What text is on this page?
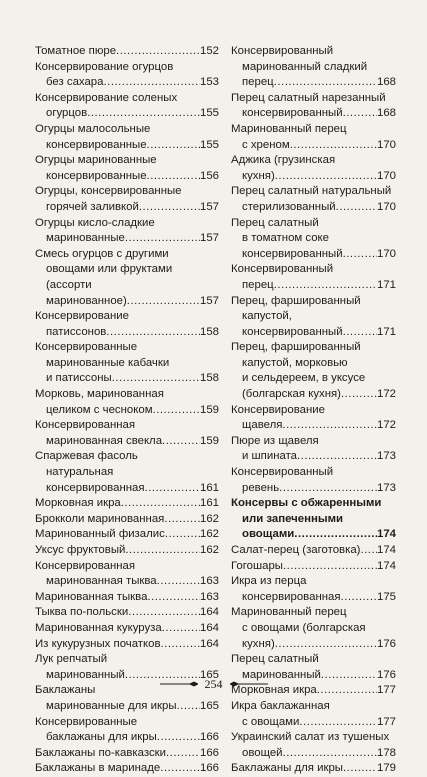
Томатное пюре .....	152
Консервирование огурцов
без сахара .....	153
Консервирование соленых
огурцов .....	155
Огурцы малосольные
консервированные .....	155
Огурцы маринованные
консервированные .....	156
Огурцы, консервированные
горячей заливкой .....	157
Огурцы кисло-сладкие
маринованные .....	157
Смесь огурцов с другими
овощами или фруктами
(ассорти
маринованное) .....	157
Консервирование
патиссонов .....	158
Консервированные
маринованные кабачки
и патиссоны .....	158
Морковь, маринованная
целиком с чесноком .....	159
Консервированная
маринованная свекла .....	159
Спаржевая фасоль
натуральная
консервированная .....	161
Морковная икра .....	161
Брокколи маринованная .....	162
Маринованный физалис .....	162
Уксус фруктовый .....	162
Консервированная
маринованная тыква .....	163
Маринованная тыква .....	163
Тыква по-польски .....	164
Маринованная кукуруза .....	164
Из кукурузных початков .....	164
Лук репчатый
маринованный .....	165
Баклажаны
маринованные для икры ..... 165
Консервированные
баклажаны для икры .....	166
Баклажаны по-кавказски .....	166
Баклажаны в маринаде .....	166
Консервированный
маринованный сладкий
перец .....	168
Перец салатный нарезанный
консервированный .....	168
Маринованный перец
с хреном .....	170
Аджика (грузинская
кухня) .....	170
Перец салатный натуральный
стерилизованный .....	170
Перец салатный
в томатном соке
консервированный .....	170
Консервированный
перец .....	171
Перец, фаршированный
капустой,
консервированный .....	171
Перец, фаршированный
капустой, морковью
и сельдереем, в уксусе
(болгарская кухня) .....	172
Консервирование
щавеля .....	172
Пюре из щавеля
и шпината .....	173
Консервированный
ревень .....	173
Консервы с обжаренными
или запеченными
овощами .....	174
Салат-перец (заготовка) ..... 174
Гогошары .....	174
Икра из перца
консервированная .....	175
Маринованный перец
с овощами (болгарская
кухня) .....	176
Перец салатный
маринованный .....	176
Морковная икра .....	177
Икра баклажанная
с овощами .....	177
Украинский салат из тушеных
овощей .....	178
Баклажаны для икры .....	179
254
